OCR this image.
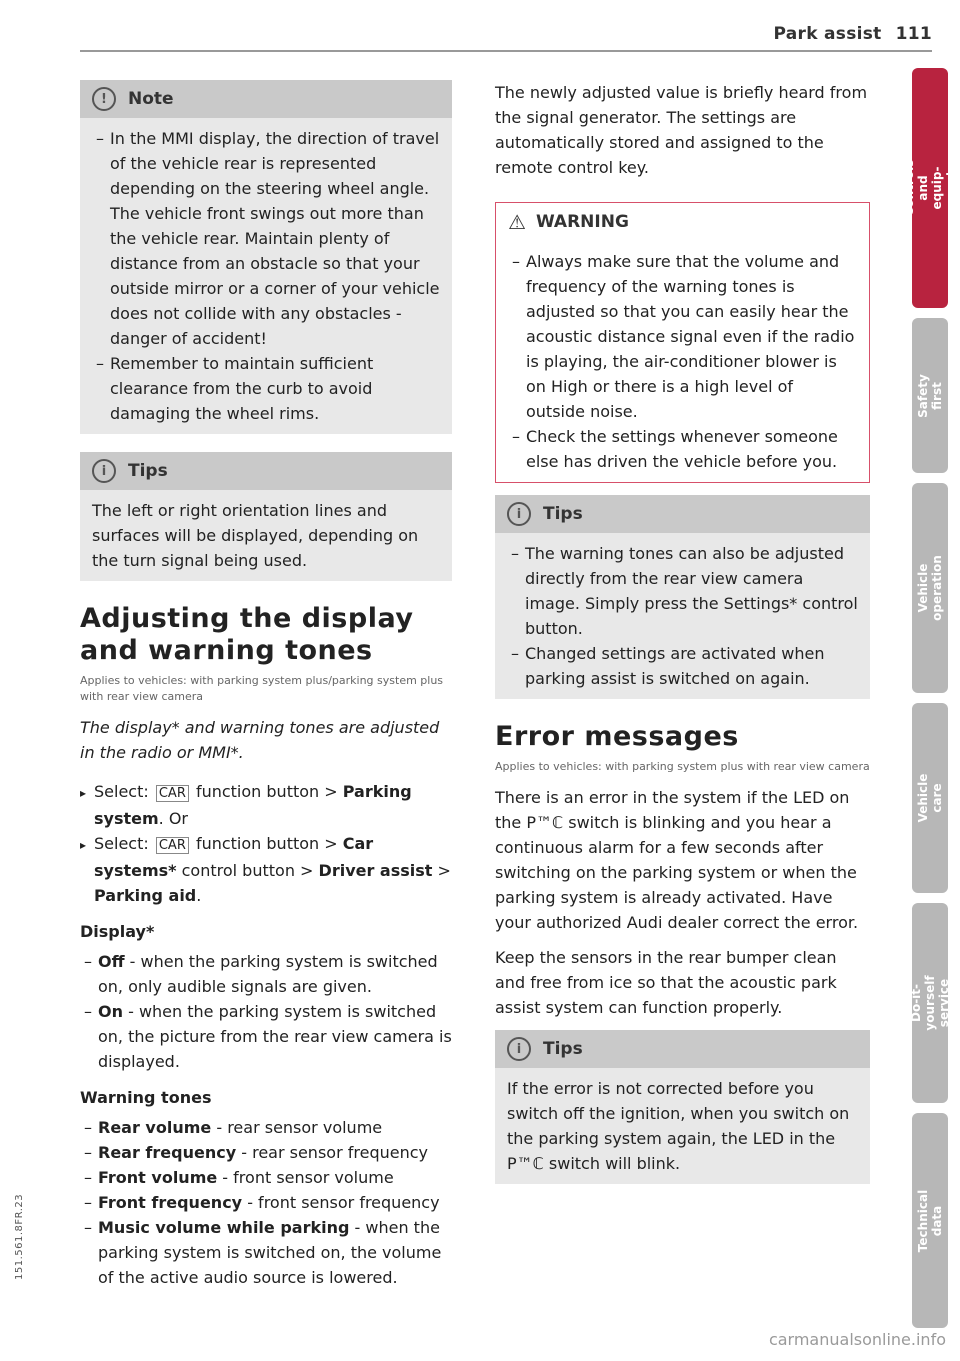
Park assist 111
!	Note
– In the MMI display, the direction of travel of the vehicle rear is represented depending on the steering wheel angle. The vehicle front swings out more than the vehicle rear. Maintain plenty of distance from an obstacle so that your outside mirror or a corner of your vehicle does not collide with any obstacles - danger of accident!
– Remember to maintain sufficient clearance from the curb to avoid damaging the wheel rims.
i	Tips

The left or right orientation lines and surfaces will be displayed, depending on the turn signal being used.

Adjusting the display and warning tones
Applies to vehicles: with parking system plus/parking system plus with rear view camera
The display* and warning tones are adjusted in the radio or MMI*.
▸ Select: CAR function button > Parking system. Or
▸ Select: CAR function button > Car systems* control button > Driver assist > Parking aid.
Display*
– Off - when the parking system is switched on, only audible signals are given.
– On - when the parking system is switched on, the picture from the rear view camera is displayed.
Warning tones
– Rear volume - rear sensor volume
– Rear frequency - rear sensor frequency
– Front volume - front sensor volume
– Front frequency - front sensor frequency
– Music volume while parking - when the parking system is switched on, the volume of the active audio source is lowered.

The newly adjusted value is briefly heard from the signal generator. The settings are automatically stored and assigned to the remote control key.

⚠ WARNING
– Always make sure that the volume and frequency of the warning tones is adjusted so that you can easily hear the acoustic distance signal even if the radio is playing, the air-conditioner blower is on High or there is a high level of outside noise.
– Check the settings whenever someone else has driven the vehicle before you.
i	Tips
– The warning tones can also be adjusted directly from the rear view camera image. Simply press the Settings* control button.
– Changed settings are activated when parking assist is switched on again.
Error messages
Applies to vehicles: with parking system plus with rear view camera

There is an error in the system if the LED on the P™ℂ switch is blinking and you hear a continuous alarm for a few seconds after switching on the parking system or when the parking system is already activated. Have your authorized Audi dealer correct the error.

Keep the sensors in the rear bumper clean and free from ice so that the acoustic park assist system can function properly.

i	Tips

If the error is not corrected before you switch off the ignition, when you switch on the parking system again, the LED in the P™ℂ switch will blink.

Controls and equip-
ment
Safety first
Vehicle operation
Vehicle care
Do-it-yourself
service
Technical data
151.561.8FR.23
carmanualsonline.info
